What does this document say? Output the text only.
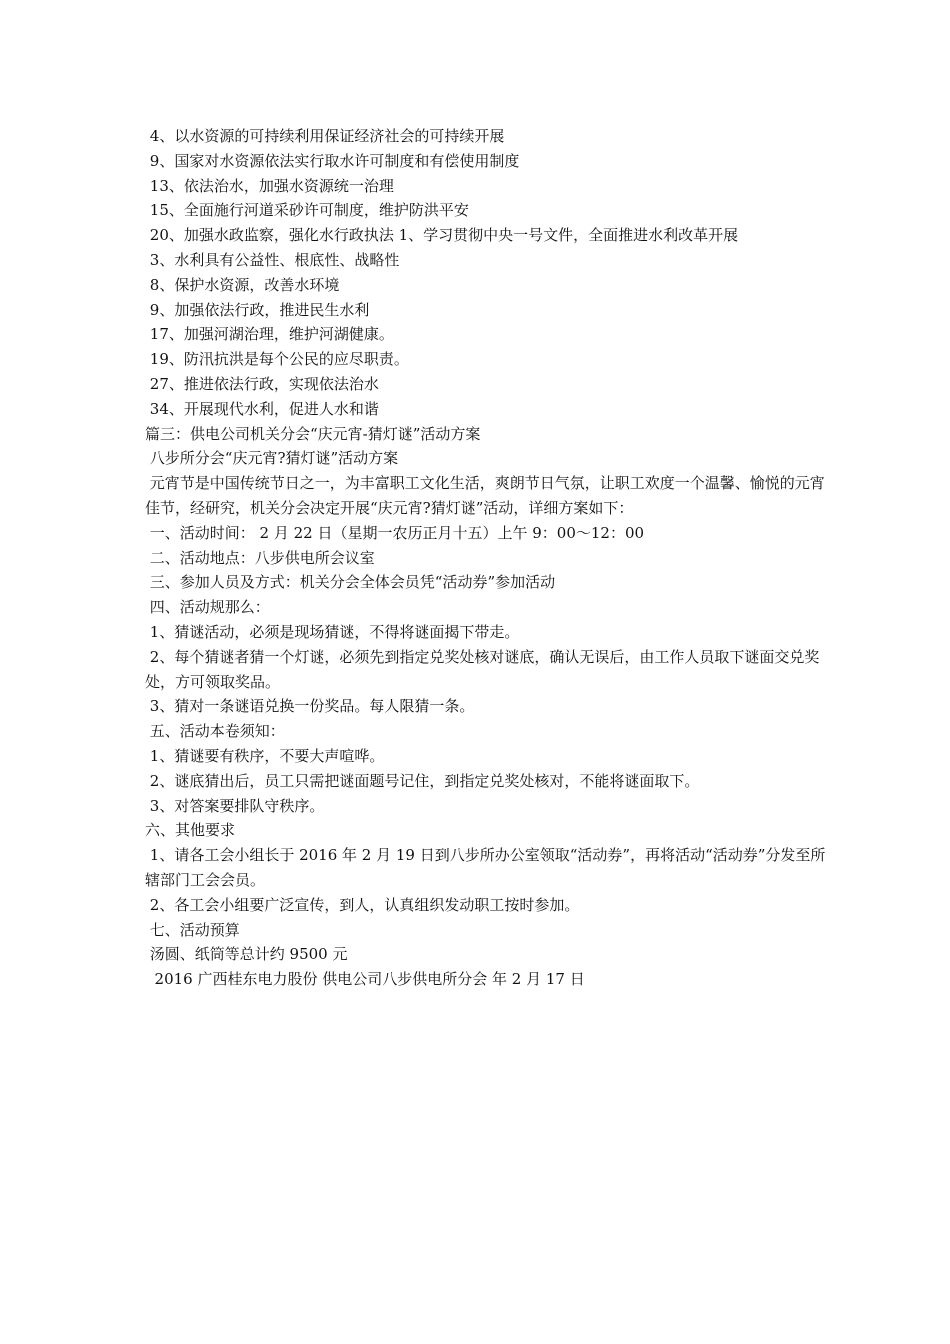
4、以水资源的可持续利用保证经济社会的可持续开展

9、国家对水资源依法实行取水许可制度和有偿使用制度

13、依法治水，加强水资源统一治理

15、全面施行河道采砂许可制度，维护防洪平安

20、加强水政监察，强化水行政执法 1、学习贯彻中央一号文件，全面推进水利改革开展

3、水利具有公益性、根底性、战略性

8、保护水资源，改善水环境

9、加强依法行政，推进民生水利

17、加强河湖治理，维护河湖健康。

19、防汛抗洪是每个公民的应尽职责。

27、推进依法行政，实现依法治水

34、开展现代水利，促进人水和谐

篇三：供电公司机关分会“庆元宵-猜灯谜”活动方案

八步所分会“庆元宵?猜灯谜”活动方案

元宵节是中国传统节日之一，为丰富职工文化生活，爽朗节日气氛，让职工欢度一个温馨、愉悦的元宵佳节，经研究，机关分会决定开展“庆元宵?猜灯谜”活动，详细方案如下：

一、活动时间： 2 月 22 日（星期一农历正月十五）上午 9：00～12：00

二、活动地点：八步供电所会议室

三、参加人员及方式：机关分会全体会员凭“活动券”参加活动

四、活动规那么：

1、猜谜活动，必须是现场猜谜，不得将谜面揭下带走。

2、每个猜谜者猜一个灯谜，必须先到指定兑奖处核对谜底，确认无误后，由工作人员取下谜面交兑奖处，方可领取奖品。

3、猜对一条谜语兑换一份奖品。每人限猜一条。

五、活动本卷须知：

1、猜谜要有秩序，不要大声喧哗。

2、谜底猜出后，员工只需把谜面题号记住，到指定兑奖处核对，不能将谜面取下。

3、对答案要排队守秩序。

六、其他要求

1、请各工会小组长于 2016 年 2 月 19 日到八步所办公室领取“活动券”，再将活动“活动券”分发至所辖部门工会会员。

2、各工会小组要广泛宣传，到人，认真组织发动职工按时参加。

七、活动预算

汤圆、纸筒等总计约 9500 元

2016 广西桂东电力股份 供电公司八步供电所分会 年 2 月 17 日
